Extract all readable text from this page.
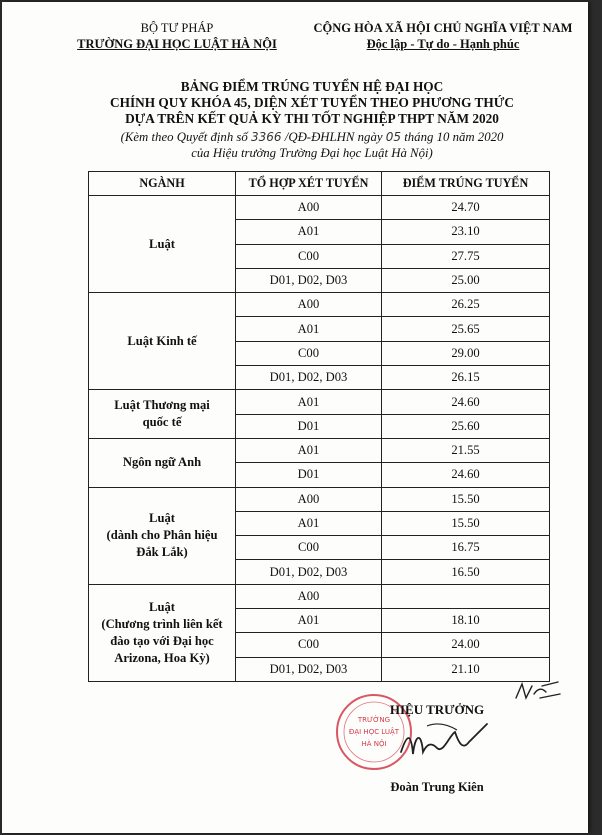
BỘ TƯ PHÁP
TRƯỜNG ĐẠI HỌC LUẬT HÀ NỘI
CỘNG HÒA XÃ HỘI CHỦ NGHĨA VIỆT NAM
Độc lập - Tự do - Hạnh phúc
BẢNG ĐIỂM TRÚNG TUYỂN HỆ ĐẠI HỌC
CHÍNH QUY KHÓA 45, DIỆN XÉT TUYỂN THEO PHƯƠNG THỨC
DỰA TRÊN KẾT QUẢ KỲ THI TỐT NGHIỆP THPT NĂM 2020
(Kèm theo Quyết định số 3366 /QĐ-ĐHLHN ngày 05 tháng 10 năm 2020
của Hiệu trưởng Trường Đại học Luật Hà Nội)
NGÀNH	TỔ HỢP XÉT TUYỂN	ĐIỂM TRÚNG TUYỂN

Luật	A00	24.70
	A01	23.10
	C00	27.75
	D01, D02, D03	25.00

Luật Kinh tế	A00	26.25
	A01	25.65
	C00	29.00
	D01, D02, D03	26.15

Luật Thương mại
quốc tế	A01	24.60
	D01	25.60

Ngôn ngữ Anh	A01	21.55
	D01	24.60

Luật
(dành cho Phân hiệu
Đắk Lắk)	A00	15.50
	A01	15.50
	C00	16.75
	D01, D02, D03	16.50

Luật
(Chương trình liên kết
đào tạo với Đại học
Arizona, Hoa Kỳ)	A00	
	A01	18.10
	C00	24.00
	D01, D02, D03	21.10
TRƯỜNG
ĐẠI HỌC LUẬT
HÀ NỘI
HIỆU TRƯỞNG
Đoàn Trung Kiên
